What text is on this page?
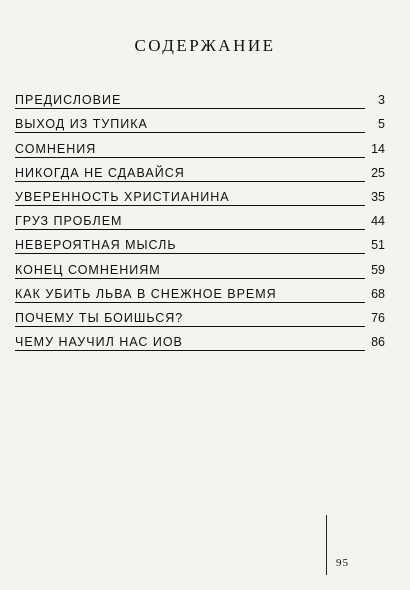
СОДЕРЖАНИЕ
ПРЕДИСЛОВИЕ	3
ВЫХОД ИЗ ТУПИКА	5
СОМНЕНИЯ	14
НИКОГДА НЕ СДАВАЙСЯ	25
УВЕРЕННОСТЬ ХРИСТИАНИНА	35
ГРУЗ ПРОБЛЕМ	44
НЕВЕРОЯТНАЯ МЫСЛЬ	51
КОНЕЦ СОМНЕНИЯМ	59
КАК УБИТЬ ЛЬВА В СНЕЖНОЕ ВРЕМЯ	68
ПОЧЕМУ ТЫ БОИШЬСЯ?	76
ЧЕМУ НАУЧИЛ НАС ИОВ	86
95
